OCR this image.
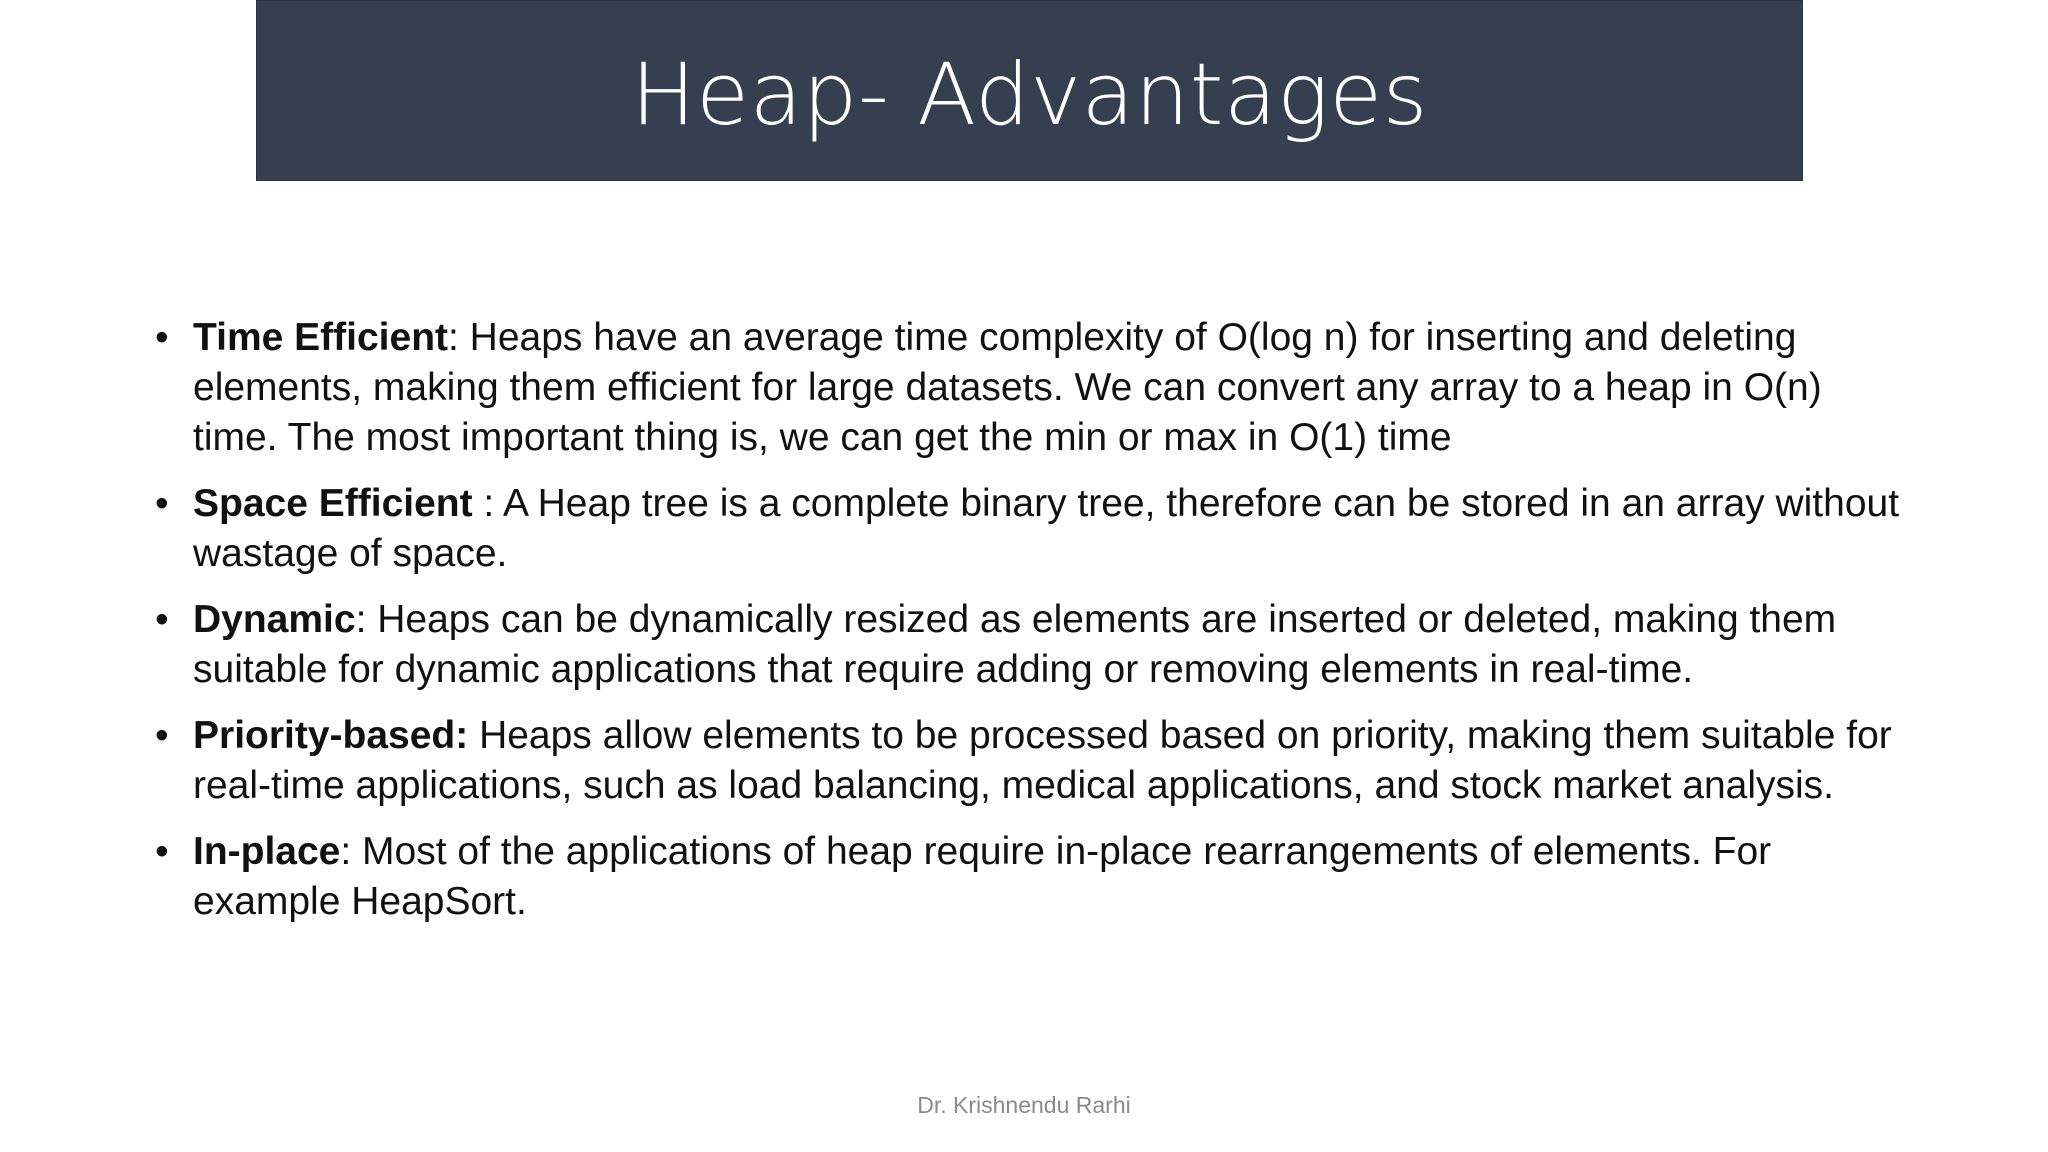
Heap- Advantages
• Time Efficient: Heaps have an average time complexity of O(log n) for inserting and deleting elements, making them efficient for large datasets. We can convert any array to a heap in O(n) time. The most important thing is, we can get the min or max in O(1) time
• Space Efficient : A Heap tree is a complete binary tree, therefore can be stored in an array without wastage of space.
• Dynamic: Heaps can be dynamically resized as elements are inserted or deleted, making them suitable for dynamic applications that require adding or removing elements in real-time.
• Priority-based: Heaps allow elements to be processed based on priority, making them suitable for real-time applications, such as load balancing, medical applications, and stock market analysis.
• In-place: Most of the applications of heap require in-place rearrangements of elements. For example HeapSort.
Dr. Krishnendu Rarhi
